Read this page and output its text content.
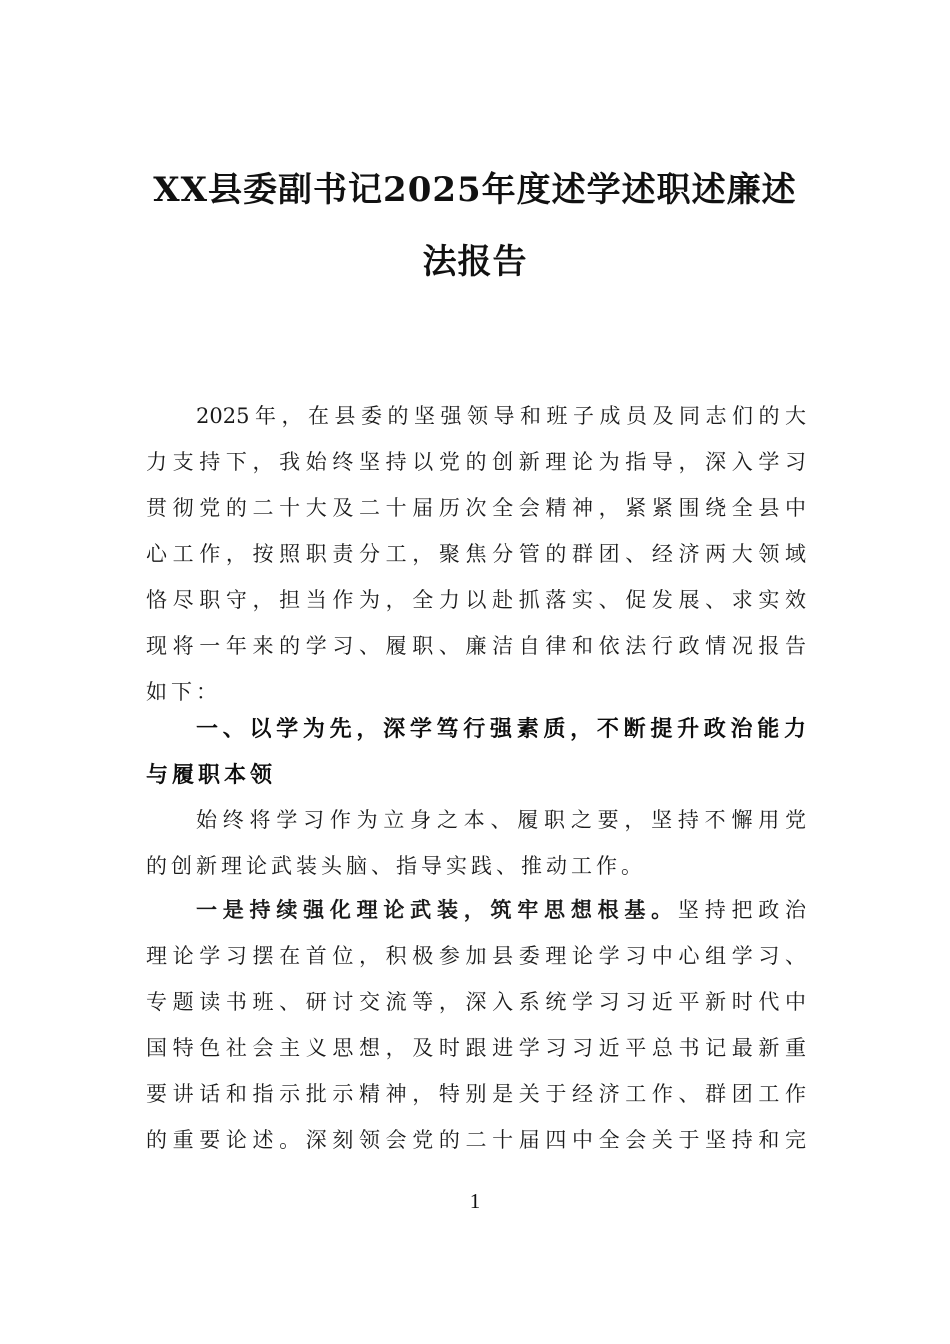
XX县委副书记2025年度述学述职述廉述
法报告
2025年，在县委的坚强领导和班子成员及同志们的大
力支持下，我始终坚持以党的创新理论为指导，深入学习
贯彻党的二十大及二十届历次全会精神，紧紧围绕全县中
心工作，按照职责分工，聚焦分管的群团、经济两大领域
恪尽职守，担当作为，全力以赴抓落实、促发展、求实效
现将一年来的学习、履职、廉洁自律和依法行政情况报告
如下：
一、以学为先，深学笃行强素质，不断提升政治能力
与履职本领
始终将学习作为立身之本、履职之要，坚持不懈用党
的创新理论武装头脑、指导实践、推动工作。
一是持续强化理论武装，筑牢思想根基。坚持把政治
理论学习摆在首位，积极参加县委理论学习中心组学习、
专题读书班、研讨交流等，深入系统学习习近平新时代中
国特色社会主义思想，及时跟进学习习近平总书记最新重
要讲话和指示批示精神，特别是关于经济工作、群团工作
的重要论述。深刻领会党的二十届四中全会关于坚持和完
1
